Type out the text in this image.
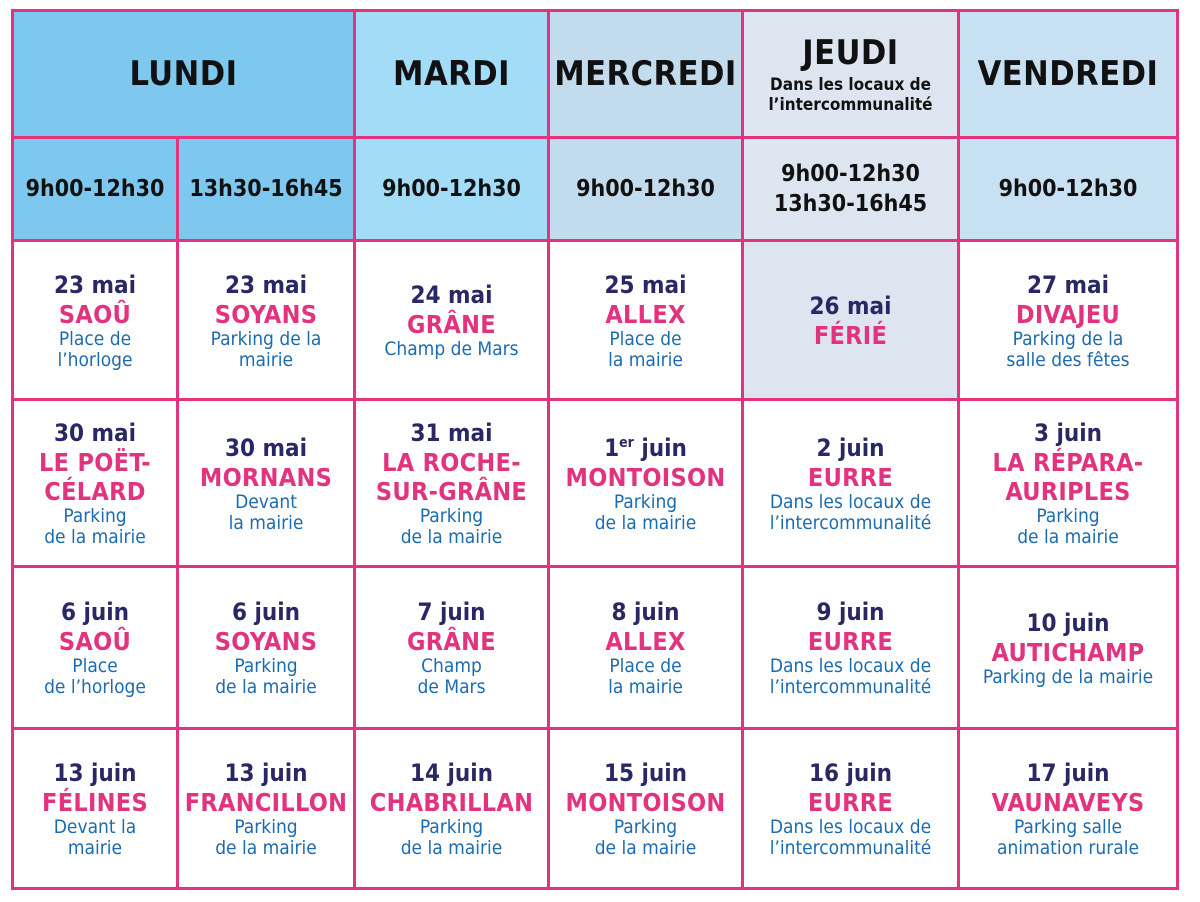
LUNDI	MARDI MERCREDI
JEUDI
Dans les locaux de l’intercommunalité
VENDREDI
9h00-12h30 13h30-16h45 9h00-12h30 9h00-12h30
9h00-12h30
13h30-16h45
9h00-12h30
23 mai
SAOÛ
Place de
l’horloge
23 mai
SOYANS
Parking de la
mairie
24 mai
GRÂNE
Champ de Mars
25 mai
ALLEX
Place de
la mairie
26 mai
FÉRIÉ
27 mai
DIVAJEU
Parking de la
salle des fêtes
30 mai
LE POËT-
CÉLARD
Parking
de la mairie
30 mai
MORNANS
Devant
la mairie
31 mai
LA ROCHE-
SUR-GRÂNE
Parking
de la mairie
1er juin
MONTOISON
Parking
de la mairie
2 juin
EURRE
Dans les locaux de
l’intercommunalité
3 juin
LA RÉPARA-
AURIPLES
Parking
de la mairie
6 juin
SAOÛ
Place
de l’horloge
6 juin
SOYANS
Parking
de la mairie
7 juin
GRÂNE
Champ
de Mars
8 juin
ALLEX
Place de
la mairie
9 juin
EURRE
Dans les locaux de
l’intercommunalité
10 juin
AUTICHAMP
Parking de la mairie
13 juin
FÉLINES
Devant la
mairie
13 juin
FRANCILLON
Parking
de la mairie
14 juin
CHABRILLAN
Parking
de la mairie
15 juin
MONTOISON
Parking
de la mairie
16 juin
EURRE
Dans les locaux de
l’intercommunalité
17 juin
VAUNAVEYS
Parking salle
animation rurale
